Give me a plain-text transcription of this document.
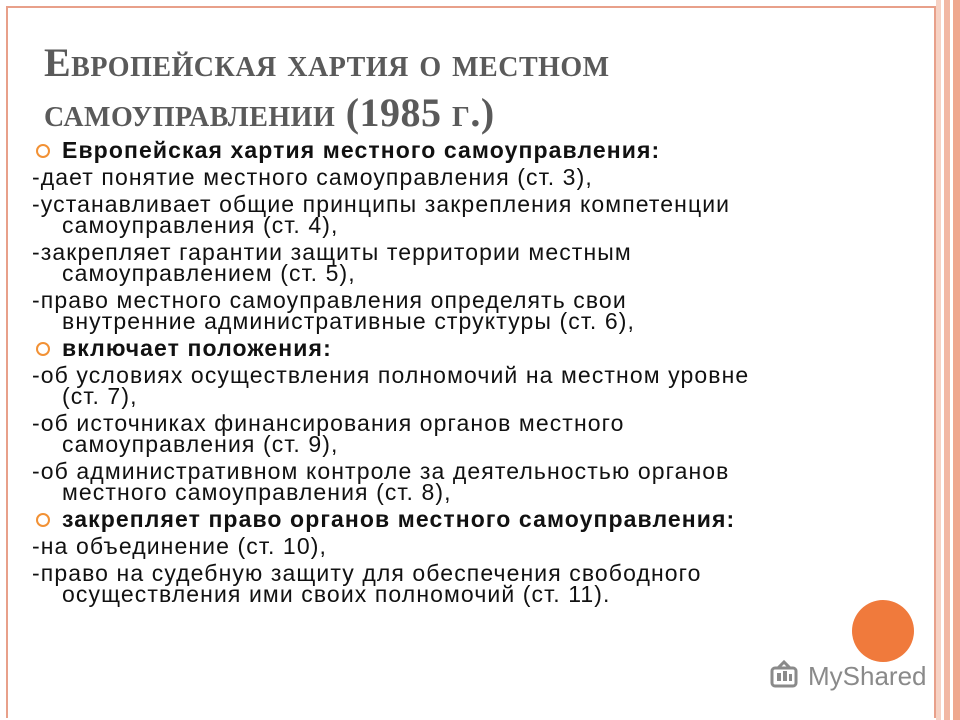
Европейская хартия о местном
самоуправлении (1985 г.)
Европейская хартия местного самоуправления:
-дает понятие местного самоуправления (ст. 3),
-устанавливает общие принципы закрепления компетенции
самоуправления (ст. 4),
-закрепляет гарантии защиты территории местным
самоуправлением (ст. 5),
-право местного самоуправления определять свои
внутренние административные структуры (ст. 6),
включает положения:
-об условиях осуществления полномочий на местном уровне
(ст. 7),
-об источниках финансирования органов местного
самоуправления (ст. 9),
-об административном контроле за деятельностью органов
местного самоуправления (ст. 8),
закрепляет право органов местного самоуправления:
-на объединение (ст. 10),
-право на судебную защиту для обеспечения свободного
осуществления ими своих полномочий (ст. 11).
MyShared
